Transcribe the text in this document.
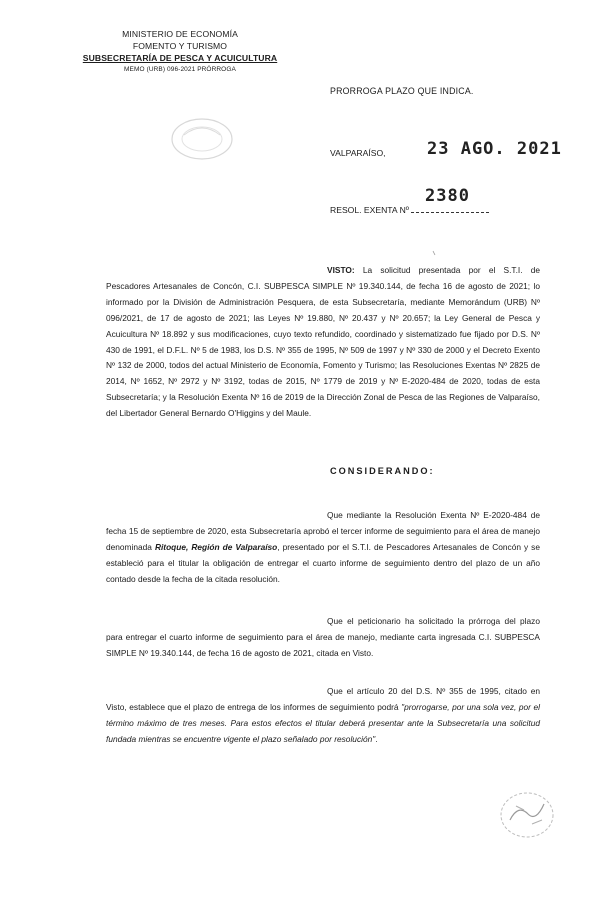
MINISTERIO DE ECONOMÍA
FOMENTO Y TURISMO
SUBSECRETARÍA DE PESCA Y ACUICULTURA
MEMO (URB) 096-2021 PRÓRROGA
PRORROGA PLAZO QUE INDICA.
VALPARAÍSO, 23 AGO. 2021
2380
RESOL. EXENTA Nº

VISTO: La solicitud presentada por el S.T.I. de Pescadores Artesanales de Concón, C.I. SUBPESCA SIMPLE Nº 19.340.144, de fecha 16 de agosto de 2021; lo informado por la División de Administración Pesquera, de esta Subsecretaría, mediante Memorándum (URB) Nº 096/2021, de 17 de agosto de 2021; las Leyes Nº 19.880, Nº 20.437 y Nº 20.657; la Ley General de Pesca y Acuicultura Nº 18.892 y sus modificaciones, cuyo texto refundido, coordinado y sistematizado fue fijado por D.S. Nº 430 de 1991, el D.F.L. Nº 5 de 1983, los D.S. Nº 355 de 1995, Nº 509 de 1997 y Nº 330 de 2000 y el Decreto Exento Nº 132 de 2000, todos del actual Ministerio de Economía, Fomento y Turismo; las Resoluciones Exentas Nº 2825 de 2014, Nº 1652, Nº 2972 y Nº 3192, todas de 2015, Nº 1779 de 2019 y Nº E-2020-484 de 2020, todas de esta Subsecretaría; y la Resolución Exenta Nº 16 de 2019 de la Dirección Zonal de Pesca de las Regiones de Valparaíso, del Libertador General Bernardo O'Higgins y del Maule.

CONSIDERANDO:

Que mediante la Resolución Exenta Nº E-2020-484 de fecha 15 de septiembre de 2020, esta Subsecretaría aprobó el tercer informe de seguimiento para el área de manejo denominada Ritoque, Región de Valparaíso, presentado por el S.T.I. de Pescadores Artesanales de Concón y se estableció para el titular la obligación de entregar el cuarto informe de seguimiento dentro del plazo de un año contado desde la fecha de la citada resolución.

Que el peticionario ha solicitado la prórroga del plazo para entregar el cuarto informe de seguimiento para el área de manejo, mediante carta ingresada C.I. SUBPESCA SIMPLE Nº 19.340.144, de fecha 16 de agosto de 2021, citada en Visto.

Que el artículo 20 del D.S. Nº 355 de 1995, citado en Visto, establece que el plazo de entrega de los informes de seguimiento podrá "prorrogarse, por una sola vez, por el término máximo de tres meses. Para estos efectos el titular deberá presentar ante la Subsecretaría una solicitud fundada mientras se encuentre vigente el plazo señalado por resolución".
